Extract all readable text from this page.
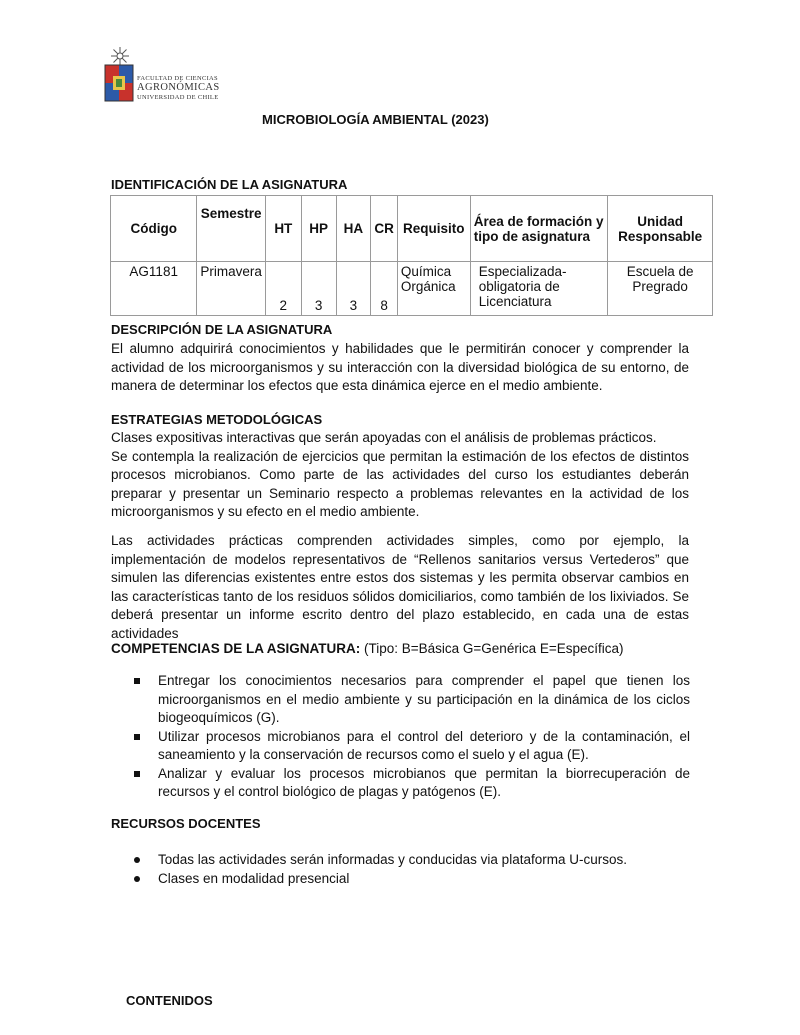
FACULTAD DE CIENCIAS
AGRONÓMICAS
UNIVERSIDAD DE CHILE
MICROBIOLOGÍA AMBIENTAL (2023)
IDENTIFICACIÓN DE LA ASIGNATURA
Código	Semestre	HT	HP	HA	CR	Requisito	Área de formación y tipo de asignatura	Unidad Responsable
AG1181	Primavera	2	3	3	8	Química Orgánica	Especializada-obligatoria de Licenciatura	Escuela de Pregrado
DESCRIPCIÓN DE LA ASIGNATURA

El alumno adquirirá conocimientos y habilidades que le permitirán conocer y comprender la actividad de los microorganismos y su interacción con la diversidad biológica de su entorno, de manera de determinar los efectos que esta dinámica ejerce en el medio ambiente.

ESTRATEGIAS METODOLÓGICAS

Clases expositivas interactivas que serán apoyadas con el análisis de problemas prácticos.

Se contempla la realización de ejercicios que permitan la estimación de los efectos de distintos procesos microbianos. Como parte de las actividades del curso los estudiantes deberán preparar y presentar un Seminario respecto a problemas relevantes en la actividad de los microorganismos y su efecto en el medio ambiente.

Las actividades prácticas comprenden actividades simples, como por ejemplo, la implementación de modelos representativos de “Rellenos sanitarios versus Vertederos” que simulen las diferencias existentes entre estos dos sistemas y les permita observar cambios en las características tanto de los residuos sólidos domiciliarios, como también de los lixiviados. Se deberá presentar un informe escrito dentro del plazo establecido, en cada una de estas actividades

COMPETENCIAS DE LA ASIGNATURA: (Tipo: B=Básica G=Genérica E=Específica)
Entregar los conocimientos necesarios para comprender el papel que tienen los microorganismos en el medio ambiente y su participación en la dinámica de los ciclos biogeoquímicos (G).
Utilizar procesos microbianos para el control del deterioro y de la contaminación, el saneamiento y la conservación de recursos como el suelo y el agua (E).
Analizar y evaluar los procesos microbianos que permitan la biorrecuperación de recursos y el control biológico de plagas y patógenos (E).
RECURSOS DOCENTES
Todas las actividades serán informadas y conducidas via plataforma U-cursos.
Clases en modalidad presencial
CONTENIDOS
